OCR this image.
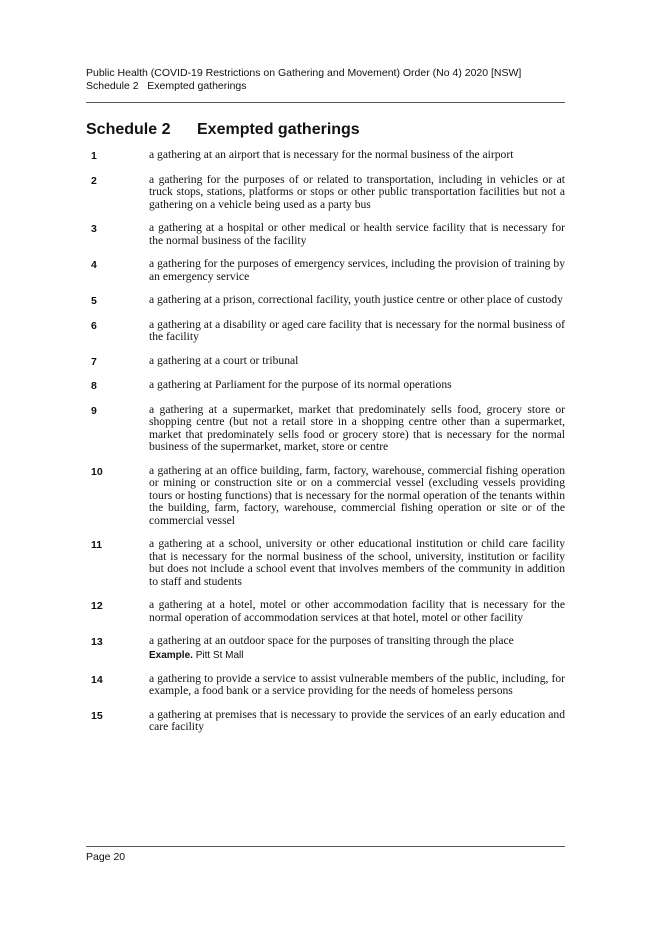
Public Health (COVID-19 Restrictions on Gathering and Movement) Order (No 4) 2020 [NSW]
Schedule 2   Exempted gatherings
Schedule 2 Exempted gatherings
1	a gathering at an airport that is necessary for the normal business of the airport
2	a gathering for the purposes of or related to transportation, including in vehicles or at truck stops, stations, platforms or stops or other public transportation facilities but not a gathering on a vehicle being used as a party bus
3	a gathering at a hospital or other medical or health service facility that is necessary for the normal business of the facility
4	a gathering for the purposes of emergency services, including the provision of training by an emergency service
5	a gathering at a prison, correctional facility, youth justice centre or other place of custody
6	a gathering at a disability or aged care facility that is necessary for the normal business of the facility
7	a gathering at a court or tribunal
8	a gathering at Parliament for the purpose of its normal operations
9	a gathering at a supermarket, market that predominately sells food, grocery store or shopping centre (but not a retail store in a shopping centre other than a supermarket, market that predominately sells food or grocery store) that is necessary for the normal business of the supermarket, market, store or centre
10	a gathering at an office building, farm, factory, warehouse, commercial fishing operation or mining or construction site or on a commercial vessel (excluding vessels providing tours or hosting functions) that is necessary for the normal operation of the tenants within the building, farm, factory, warehouse, commercial fishing operation or site or of the commercial vessel
11	a gathering at a school, university or other educational institution or child care facility that is necessary for the normal business of the school, university, institution or facility but does not include a school event that involves members of the community in addition to staff and students
12	a gathering at a hotel, motel or other accommodation facility that is necessary for the normal operation of accommodation services at that hotel, motel or other facility
13	a gathering at an outdoor space for the purposes of transiting through the place
Example. Pitt St Mall
14	a gathering to provide a service to assist vulnerable members of the public, including, for example, a food bank or a service providing for the needs of homeless persons
15	a gathering at premises that is necessary to provide the services of an early education and care facility
Page 20
